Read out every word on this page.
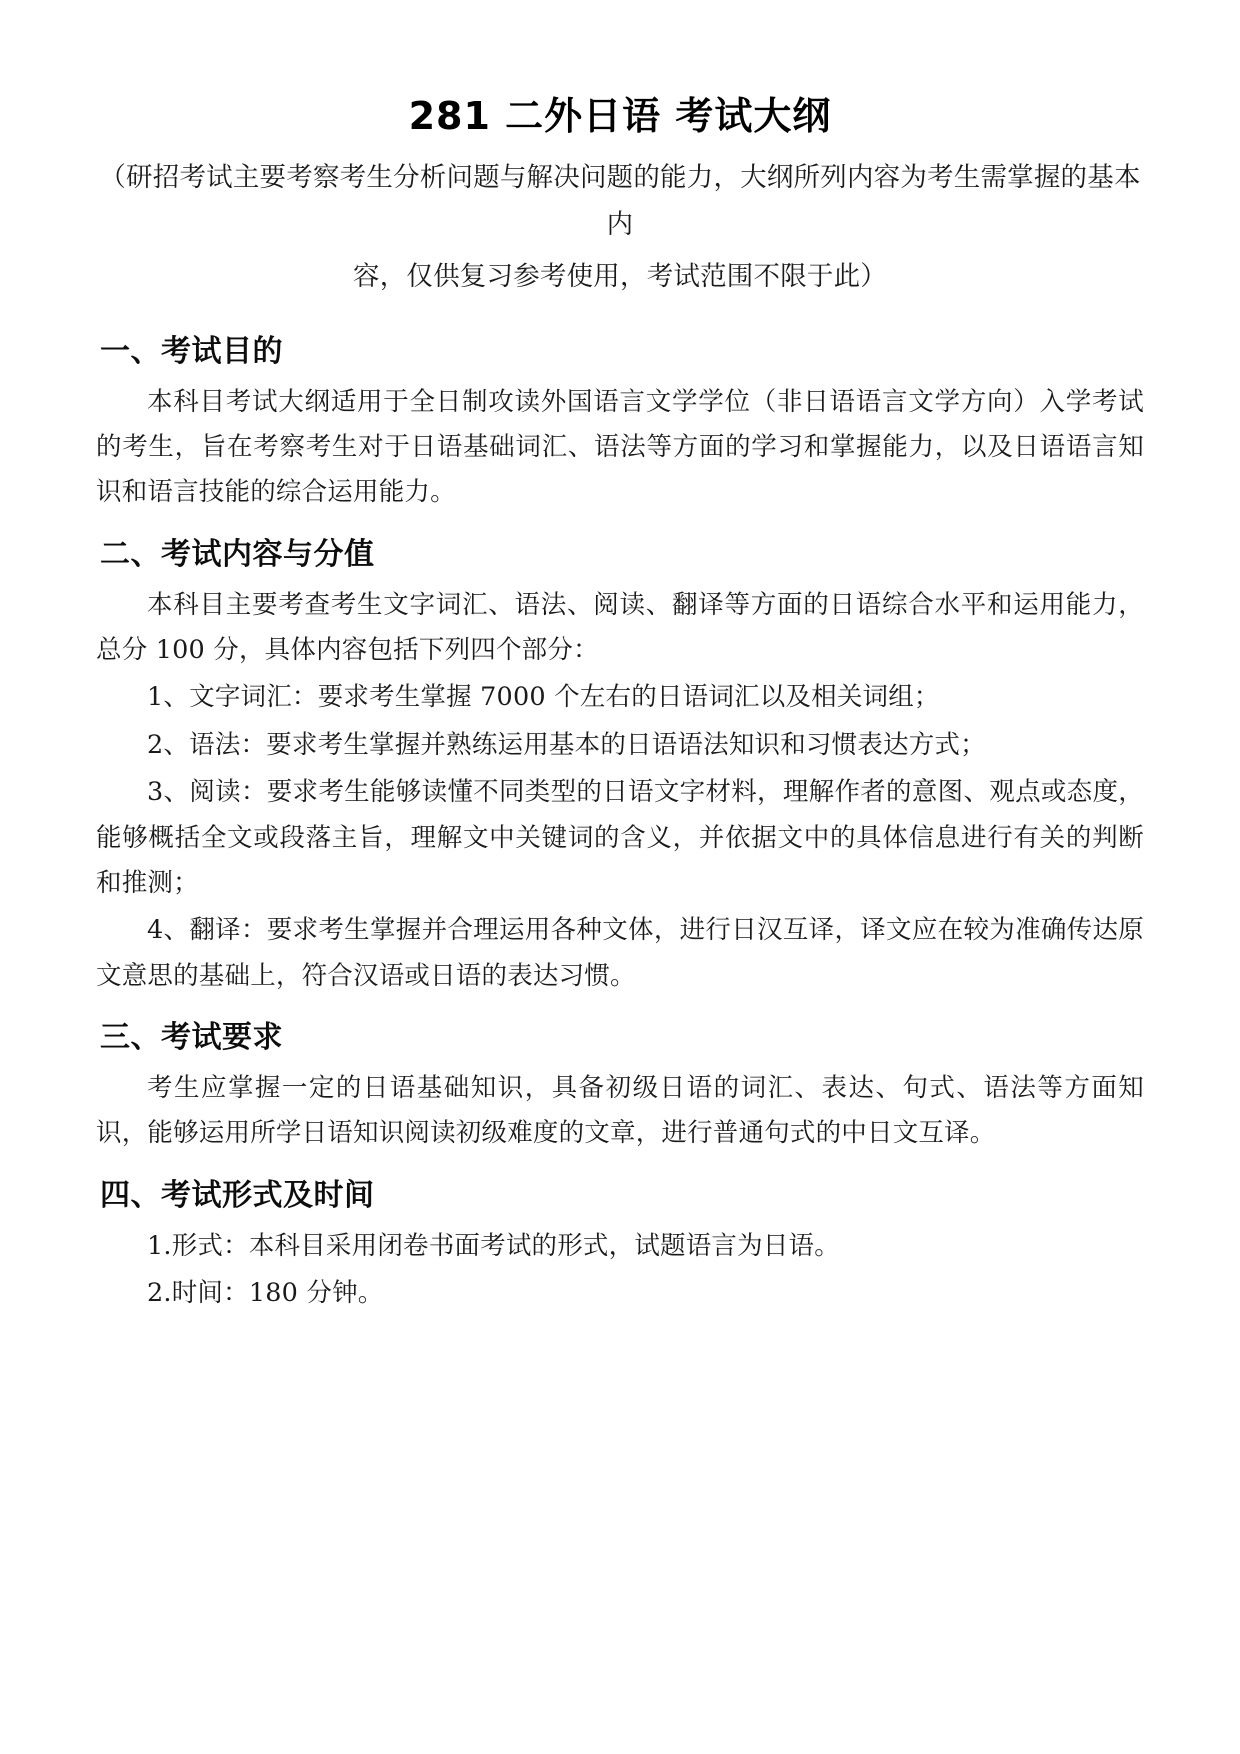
281 二外日语 考试大纲
（研招考试主要考察考生分析问题与解决问题的能力，大纲所列内容为考生需掌握的基本内
容，仅供复习参考使用，考试范围不限于此）
一、考试目的

本科目考试大纲适用于全日制攻读外国语言文学学位（非日语语言文学方向）入学考试的考生，旨在考察考生对于日语基础词汇、语法等方面的学习和掌握能力，以及日语语言知识和语言技能的综合运用能力。

二、考试内容与分值

本科目主要考查考生文字词汇、语法、阅读、翻译等方面的日语综合水平和运用能力，总分 100 分，具体内容包括下列四个部分：

1、文字词汇：要求考生掌握 7000 个左右的日语词汇以及相关词组；

2、语法：要求考生掌握并熟练运用基本的日语语法知识和习惯表达方式；

3、阅读：要求考生能够读懂不同类型的日语文字材料，理解作者的意图、观点或态度，能够概括全文或段落主旨，理解文中关键词的含义，并依据文中的具体信息进行有关的判断和推测；

4、翻译：要求考生掌握并合理运用各种文体，进行日汉互译，译文应在较为准确传达原文意思的基础上，符合汉语或日语的表达习惯。

三、考试要求

考生应掌握一定的日语基础知识，具备初级日语的词汇、表达、句式、语法等方面知识，能够运用所学日语知识阅读初级难度的文章，进行普通句式的中日文互译。

四、考试形式及时间

1.形式：本科目采用闭卷书面考试的形式，试题语言为日语。

2.时间：180 分钟。
